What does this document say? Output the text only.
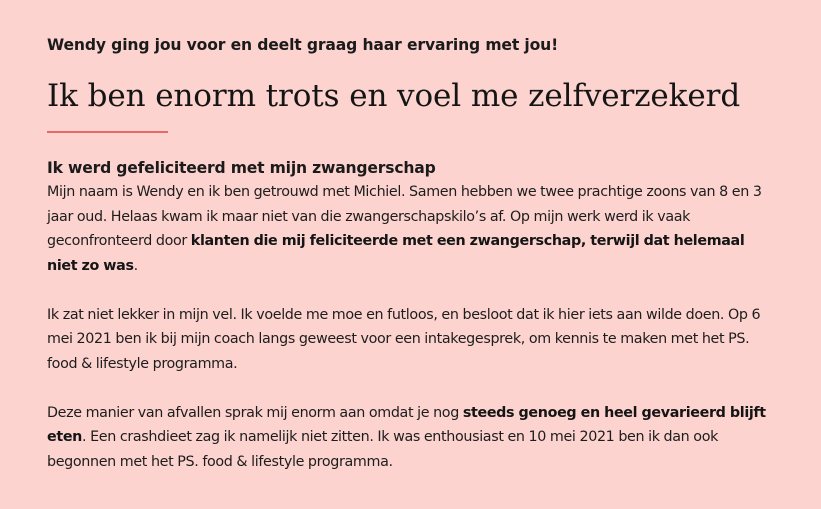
Wendy ging jou voor en deelt graag haar ervaring met jou!

Ik ben enorm trots en voel me zelfverzekerd
Ik werd gefeliciteerd met mijn zwangerschap

Mijn naam is Wendy en ik ben getrouwd met Michiel. Samen hebben we twee prachtige zoons van 8 en 3 jaar oud. Helaas kwam ik maar niet van die zwangerschapskilo’s af. Op mijn werk werd ik vaak geconfronteerd door klanten die mij feliciteerde met een zwangerschap, terwijl dat helemaal niet zo was.

Ik zat niet lekker in mijn vel. Ik voelde me moe en futloos, en besloot dat ik hier iets aan wilde doen. Op 6 mei 2021 ben ik bij mijn coach langs geweest voor een intakegesprek, om kennis te maken met het PS. food & lifestyle programma.

Deze manier van afvallen sprak mij enorm aan omdat je nog steeds genoeg en heel gevarieerd blijft eten. Een crashdieet zag ik namelijk niet zitten. Ik was enthousiast en 10 mei 2021 ben ik dan ook begonnen met het PS. food & lifestyle programma.
